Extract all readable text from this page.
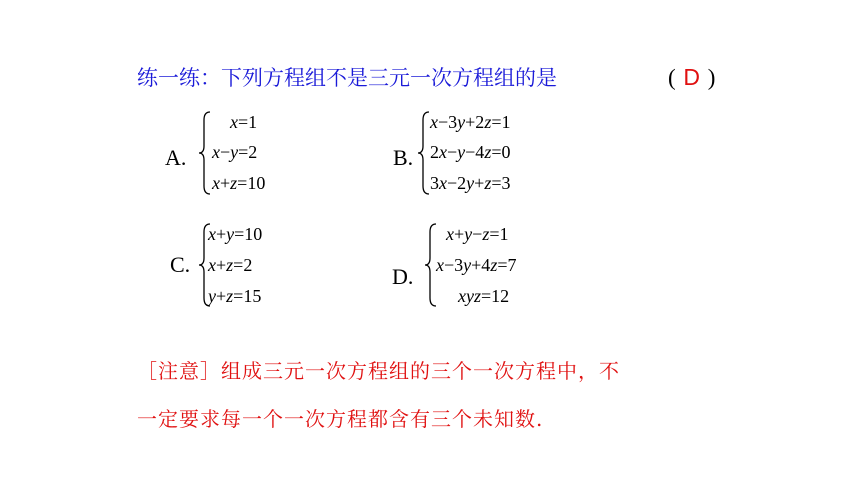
练一练：下列方程组不是三元一次方程组的是	( D )
A.
x=1
x−y=2
x+z=10
B.
x−3y+2z=1
2x−y−4z=0
3x−2y+z=3
C.
x+y=10
x+z=2
y+z=15
D.
x+y−z=1
x−3y+4z=7
xyz=12
［注意］组成三元一次方程组的三个一次方程中，不
一定要求每一个一次方程都含有三个未知数.
